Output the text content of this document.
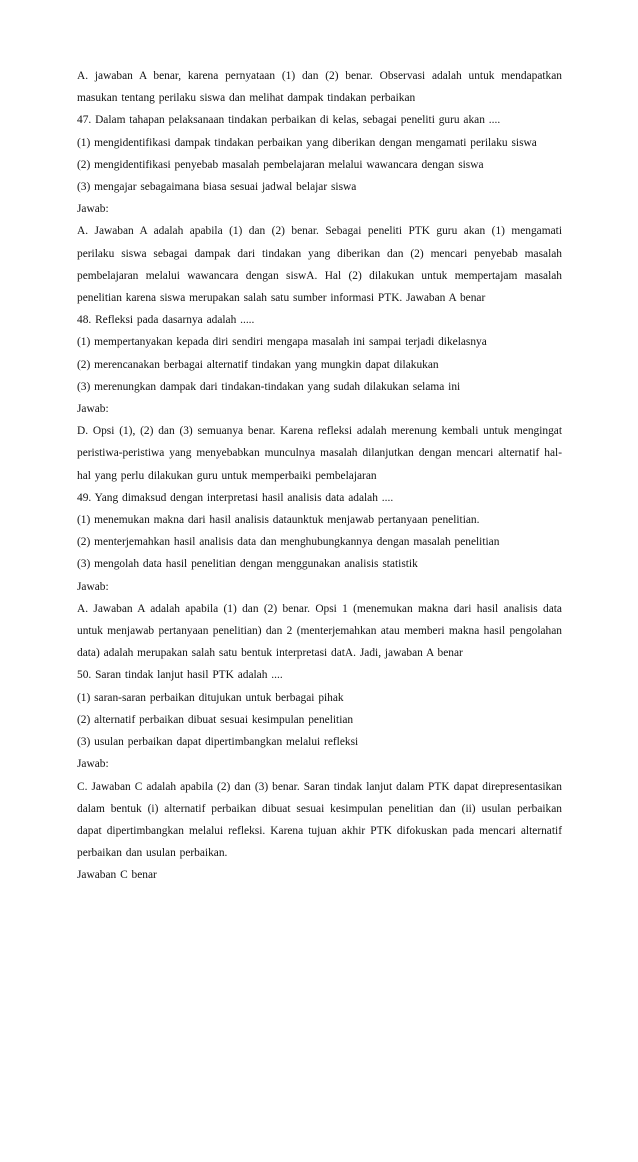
A. jawaban A benar, karena pernyataan (1) dan (2) benar. Observasi adalah untuk mendapatkan masukan tentang perilaku siswa dan melihat dampak tindakan perbaikan

47. Dalam tahapan pelaksanaan tindakan perbaikan di kelas, sebagai peneliti guru akan ....

(1) mengidentifikasi dampak tindakan perbaikan yang diberikan dengan mengamati perilaku siswa

(2) mengidentifikasi penyebab masalah pembelajaran melalui wawancara dengan siswa

(3) mengajar sebagaimana biasa sesuai jadwal belajar siswa

Jawab:

A. Jawaban A adalah apabila (1) dan (2) benar. Sebagai peneliti PTK guru akan (1) mengamati perilaku siswa sebagai dampak dari tindakan yang diberikan dan (2) mencari penyebab masalah pembelajaran melalui wawancara dengan siswA. Hal (2) dilakukan untuk mempertajam masalah penelitian karena siswa merupakan salah satu sumber informasi PTK. Jawaban A benar

48. Refleksi pada dasarnya adalah .....

(1) mempertanyakan kepada diri sendiri mengapa masalah ini sampai terjadi dikelasnya

(2) merencanakan berbagai alternatif tindakan yang mungkin dapat dilakukan

(3) merenungkan dampak dari tindakan-tindakan yang sudah dilakukan selama ini

Jawab:

D. Opsi (1), (2) dan (3) semuanya benar. Karena refleksi adalah merenung kembali untuk mengingat peristiwa-peristiwa yang menyebabkan munculnya masalah dilanjutkan dengan mencari alternatif hal-hal yang perlu dilakukan guru untuk memperbaiki pembelajaran

49. Yang dimaksud dengan interpretasi hasil analisis data adalah ....

(1) menemukan makna dari hasil analisis dataunktuk menjawab pertanyaan penelitian.

(2) menterjemahkan hasil analisis data dan menghubungkannya dengan masalah penelitian

(3) mengolah data hasil penelitian dengan menggunakan analisis statistik

Jawab:

A. Jawaban A adalah apabila (1) dan (2) benar. Opsi 1 (menemukan makna dari hasil analisis data untuk menjawab pertanyaan penelitian) dan 2 (menterjemahkan atau memberi makna hasil pengolahan data) adalah merupakan salah satu bentuk interpretasi datA. Jadi, jawaban A benar

50. Saran tindak lanjut hasil PTK adalah ....

(1) saran-saran perbaikan ditujukan untuk berbagai pihak

(2) alternatif perbaikan dibuat sesuai kesimpulan penelitian

(3) usulan perbaikan dapat dipertimbangkan melalui refleksi

Jawab:

C. Jawaban C adalah apabila (2) dan (3) benar. Saran tindak lanjut dalam PTK dapat direpresentasikan dalam bentuk (i) alternatif perbaikan dibuat sesuai kesimpulan penelitian dan (ii) usulan perbaikan dapat dipertimbangkan melalui refleksi. Karena tujuan akhir PTK difokuskan pada mencari alternatif perbaikan dan usulan perbaikan.

Jawaban C benar
